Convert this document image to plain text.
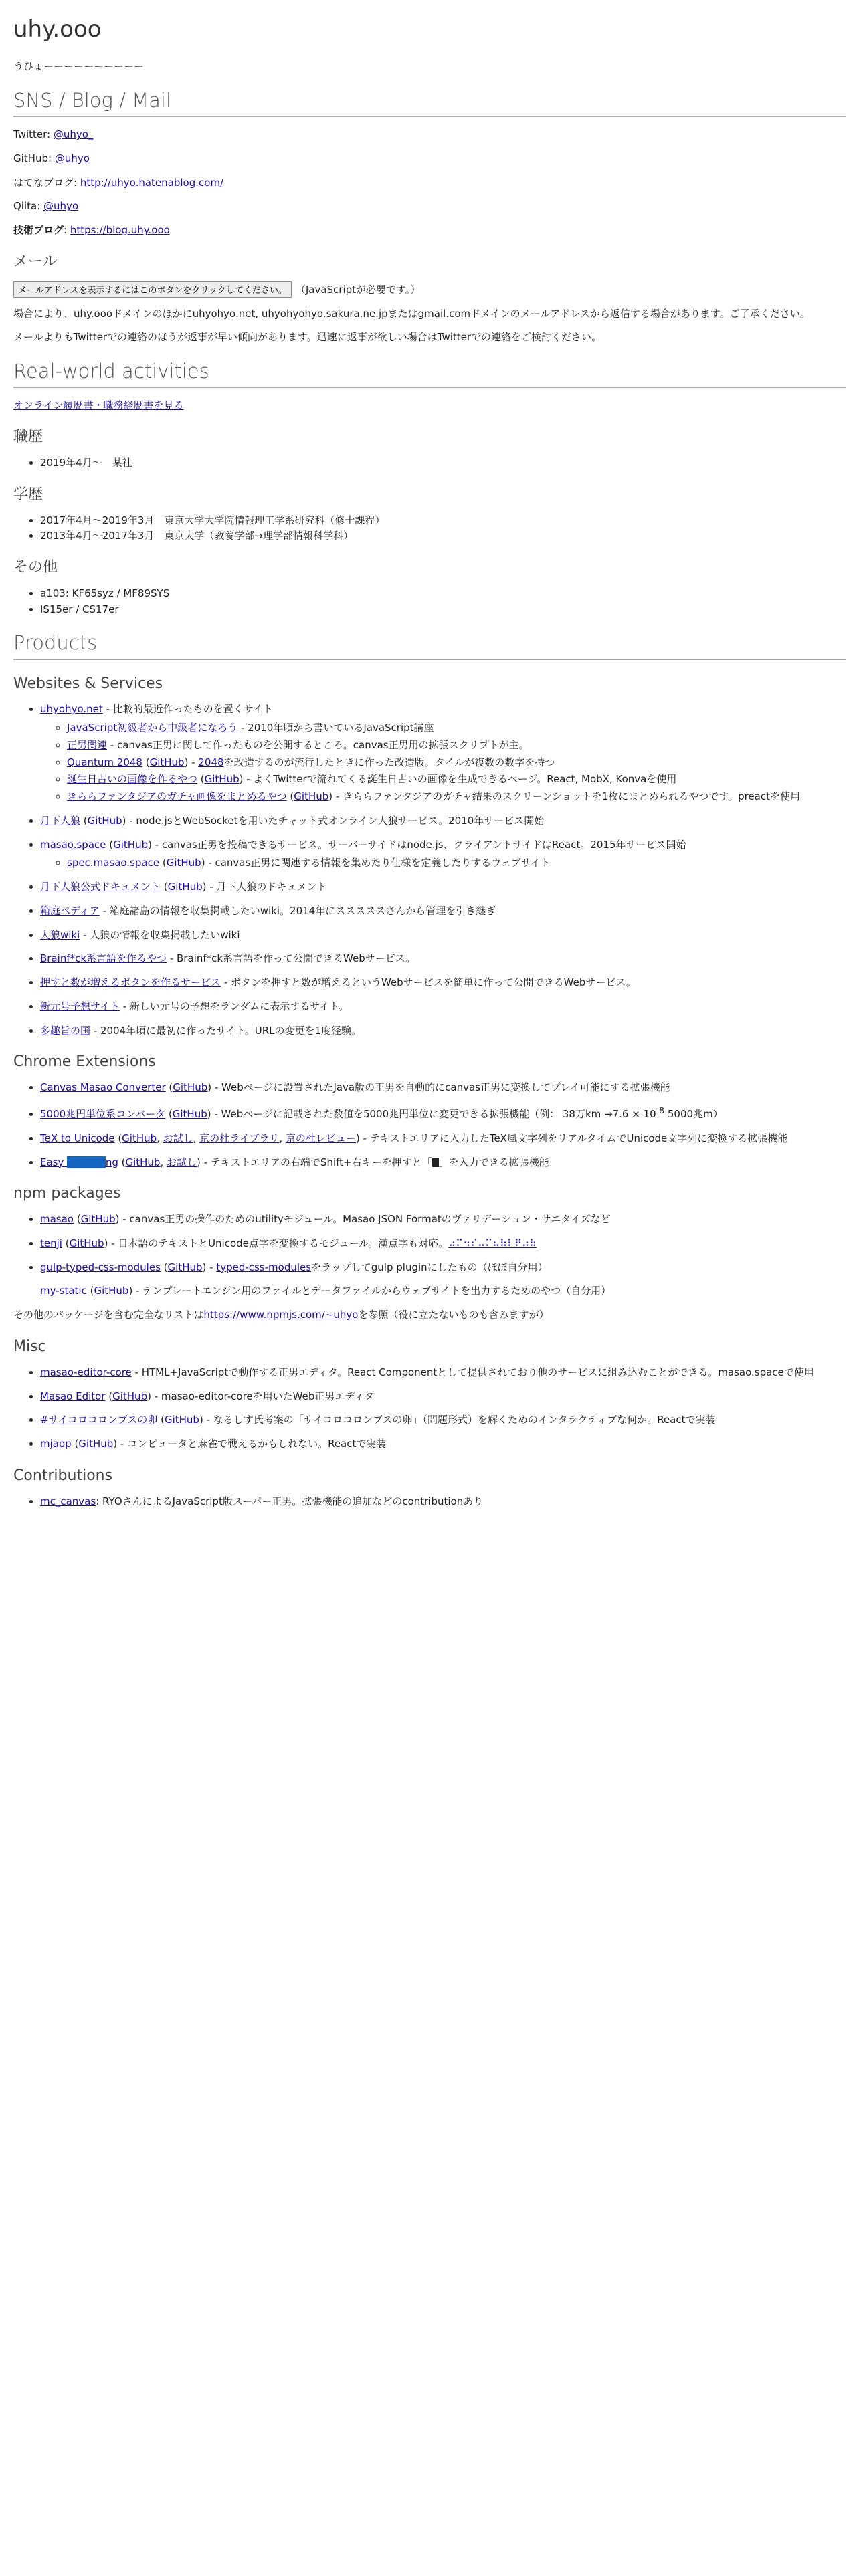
uhy.ooo

うひょーーーーーーーーーー

SNS / Blog / Mail

Twitter: @uhyo_

GitHub: @uhyo

はてなブログ: http://uhyo.hatenablog.com/

Qiita: @uhyo

技術ブログ: https://blog.uhy.ooo

メール

メールアドレスを表示するにはこのボタンをクリックしてください。 （JavaScriptが必要です。）

場合により、uhy.oooドメインのほかにuhyohyo.net, uhyohyohyo.sakura.ne.jpまたはgmail.comドメインのメールアドレスから返信する場合があります。ご了承ください。

メールよりもTwitterでの連絡のほうが返事が早い傾向があります。迅速に返事が欲しい場合はTwitterでの連絡をご検討ください。

Real-world activities

オンライン履歴書・職務経歴書を見る

職歴
• 2019年4月〜　某社
学歴
• 2017年4月〜2019年3月　東京大学大学院情報理工学系研究科（修士課程）
• 2013年4月〜2017年3月　東京大学（教養学部→理学部情報科学科）
その他
• a103: KF65syz / MF89SYS
• IS15er / CS17er
Products
Websites & Services
• uhyohyo.net - 比較的最近作ったものを置くサイト
◦ JavaScript初級者から中級者になろう - 2010年頃から書いているJavaScript講座
◦ 正男関連 - canvas正男に関して作ったものを公開するところ。canvas正男用の拡張スクリプトが主。
◦ Quantum 2048 (GitHub) - 2048を改造するのが流行したときに作った改造版。タイルが複数の数字を持つ
◦ 誕生日占いの画像を作るやつ (GitHub) - よくTwitterで流れてくる誕生日占いの画像を生成できるページ。React, MobX, Konvaを使用
◦ きららファンタジアのガチャ画像をまとめるやつ (GitHub) - きららファンタジアのガチャ結果のスクリーンショットを1枚にまとめられるやつです。preactを使用
• 月下人狼 (GitHub) - node.jsとWebSocketを用いたチャット式オンライン人狼サービス。2010年サービス開始
• masao.space (GitHub) - canvas正男を投稿できるサービス。サーバーサイドはnode.js、クライアントサイドはReact。2015年サービス開始
◦ spec.masao.space (GitHub) - canvas正男に関連する情報を集めたり仕様を定義したりするウェブサイト
• 月下人狼公式ドキュメント (GitHub) - 月下人狼のドキュメント
• 箱庭ペディア - 箱庭諸島の情報を収集掲載したいwiki。2014年にスススススさんから管理を引き継ぎ
• 人狼wiki - 人狼の情報を収集掲載したいwiki
• Brainf*ck系言語を作るやつ - Brainf*ck系言語を作って公開できるWebサービス。
• 押すと数が増えるボタンを作るサービス - ボタンを押すと数が増えるというWebサービスを簡単に作って公開できるWebサービス。
• 新元号予想サイト - 新しい元号の予想をランダムに表示するサイト。
• 多趣旨の国 - 2004年頃に最初に作ったサイト。URLの変更を1度経験。
Chrome Extensions
• Canvas Masao Converter (GitHub) - Webページに設置されたJava版の正男を自動的にcanvas正男に変換してプレイ可能にする拡張機能
• 5000兆円単位系コンバータ (GitHub) - Webページに記載された数値を5000兆円単位に変更できる拡張機能（例： 38万km $\to 7.6 \times 10^{-8}$ 5000兆m）
• TeX to Unicode (GitHub, お試し, 京の杜ライブラリ, 京の杜レビュー) - テキストエリアに入力したTeX風文字列をリアルタイムでUnicode文字列に変換する拡張機能
• Easy █████ng (GitHub, お試し) - テキストエリアの右端でShift+右キーを押すと「 」を入力できる拡張機能
npm packages
• masao (GitHub) - canvas正男の操作のためのutilityモジュール。Masao JSON Formatのヴァリデーション・サニタイズなど
• tenji (GitHub) - 日本語のテキストとUnicode点字を変換するモジュール。漢点字も対応。⠴⠍⠲⠎⠤⠍⠦⠷⠇⠟⠴⠷
• gulp-typed-css-modules (GitHub) - typed-css-modulesをラップしてgulp pluginにしたもの（ほぼ自分用）
my-static (GitHub) - テンプレートエンジン用のファイルとデータファイルからウェブサイトを出力するためのやつ（自分用）

その他のパッケージを含む完全なリストはhttps://www.npmjs.com/~uhyoを参照（役に立たないものも含みますが）

Misc
• masao-editor-core - HTML+JavaScriptで動作する正男エディタ。React Componentとして提供されており他のサービスに組み込むことができる。masao.spaceで使用
• Masao Editor (GitHub) - masao-editor-coreを用いたWeb正男エディタ
• #サイコロコロンブスの卵 (GitHub) - なるしす氏考案の「サイコロコロンブスの卵」（問題形式）を解くためのインタラクティブな何か。Reactで実装
• mjaop (GitHub) - コンピュータと麻雀で戦えるかもしれない。Reactで実装
Contributions
• mc_canvas: RYOさんによるJavaScript版スーパー正男。拡張機能の追加などのcontributionあり
